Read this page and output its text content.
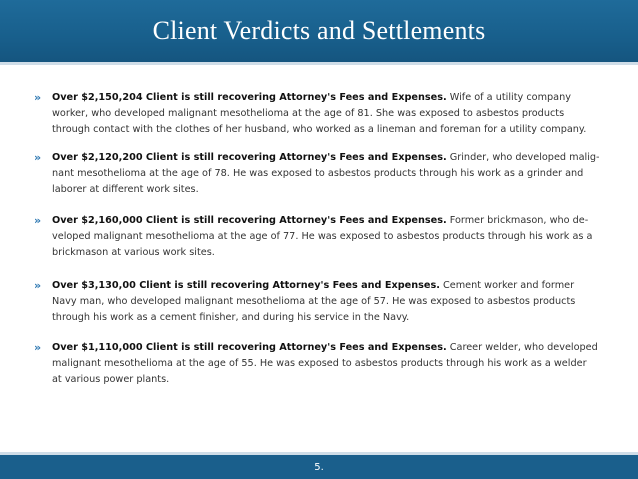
Client Verdicts and Settlements
» Over $2,150,204 Client is still recovering Attorney's Fees and Expenses. Wife of a utility company
worker, who developed malignant mesothelioma at the age of 81. She was exposed to asbestos products
through contact with the clothes of her husband, who worked as a lineman and foreman for a utility company.
» Over $2,120,200 Client is still recovering Attorney's Fees and Expenses. Grinder, who developed malig-
nant mesothelioma at the age of 78. He was exposed to asbestos products through his work as a grinder and
laborer at different work sites.
» Over $2,160,000 Client is still recovering Attorney's Fees and Expenses. Former brickmason, who de-
veloped malignant mesothelioma at the age of 77. He was exposed to asbestos products through his work as a
brickmason at various work sites.
» Over $3,130,00 Client is still recovering Attorney's Fees and Expenses. Cement worker and former
Navy man, who developed malignant mesothelioma at the age of 57. He was exposed to asbestos products
through his work as a cement finisher, and during his service in the Navy.
» Over $1,110,000 Client is still recovering Attorney's Fees and Expenses. Career welder, who developed
malignant mesothelioma at the age of 55. He was exposed to asbestos products through his work as a welder
at various power plants.
5.
